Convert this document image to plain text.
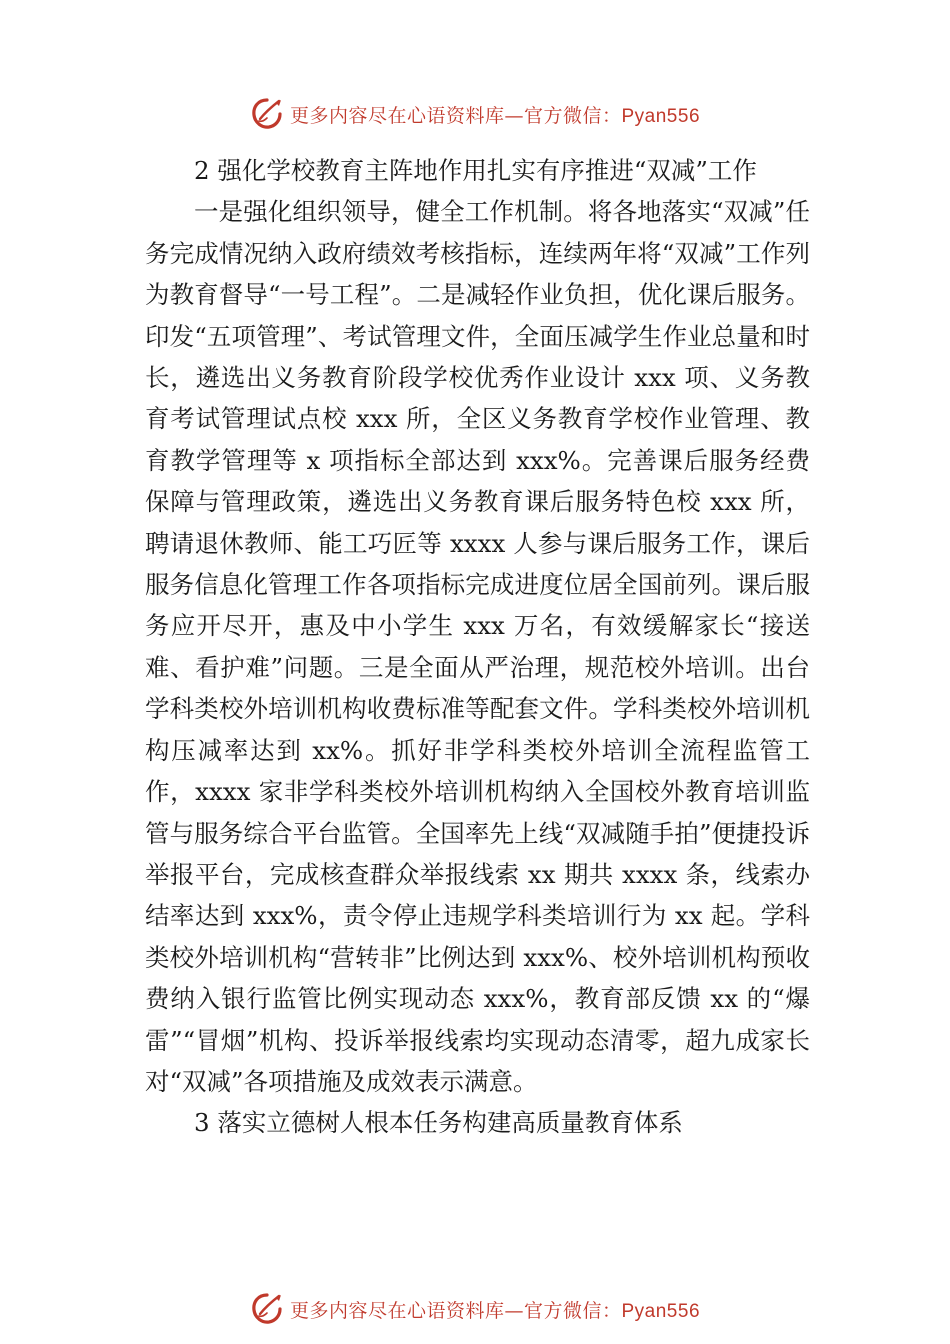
更多内容尽在心语资料库—官方微信：Pyan556

2 强化学校教育主阵地作用扎实有序推进“双减”工作

一是强化组织领导，健全工作机制。将各地落实“双减”任务完成情况纳入政府绩效考核指标，连续两年将“双减”工作列为教育督导“一号工程”。二是减轻作业负担，优化课后服务。印发“五项管理”、考试管理文件，全面压减学生作业总量和时长，遴选出义务教育阶段学校优秀作业设计 xxx 项、义务教育考试管理试点校 xxx 所，全区义务教育学校作业管理、教育教学管理等 x 项指标全部达到 xxx%。完善课后服务经费保障与管理政策，遴选出义务教育课后服务特色校 xxx 所，聘请退休教师、能工巧匠等 xxxx 人参与课后服务工作，课后服务信息化管理工作各项指标完成进度位居全国前列。课后服务应开尽开，惠及中小学生 xxx 万名，有效缓解家长“接送难、看护难”问题。三是全面从严治理，规范校外培训。出台学科类校外培训机构收费标准等配套文件。学科类校外培训机构压减率达到 xx%。抓好非学科类校外培训全流程监管工作，xxxx 家非学科类校外培训机构纳入全国校外教育培训监管与服务综合平台监管。全国率先上线“双减随手拍”便捷投诉举报平台，完成核查群众举报线索 xx 期共 xxxx 条，线索办结率达到 xxx%，责令停止违规学科类培训行为 xx 起。学科类校外培训机构“营转非”比例达到 xxx%、校外培训机构预收费纳入银行监管比例实现动态 xxx%，教育部反馈 xx 的“爆雷”“冒烟”机构、投诉举报线索均实现动态清零，超九成家长对“双减”各项措施及成效表示满意。

3 落实立德树人根本任务构建高质量教育体系

更多内容尽在心语资料库—官方微信：Pyan556
